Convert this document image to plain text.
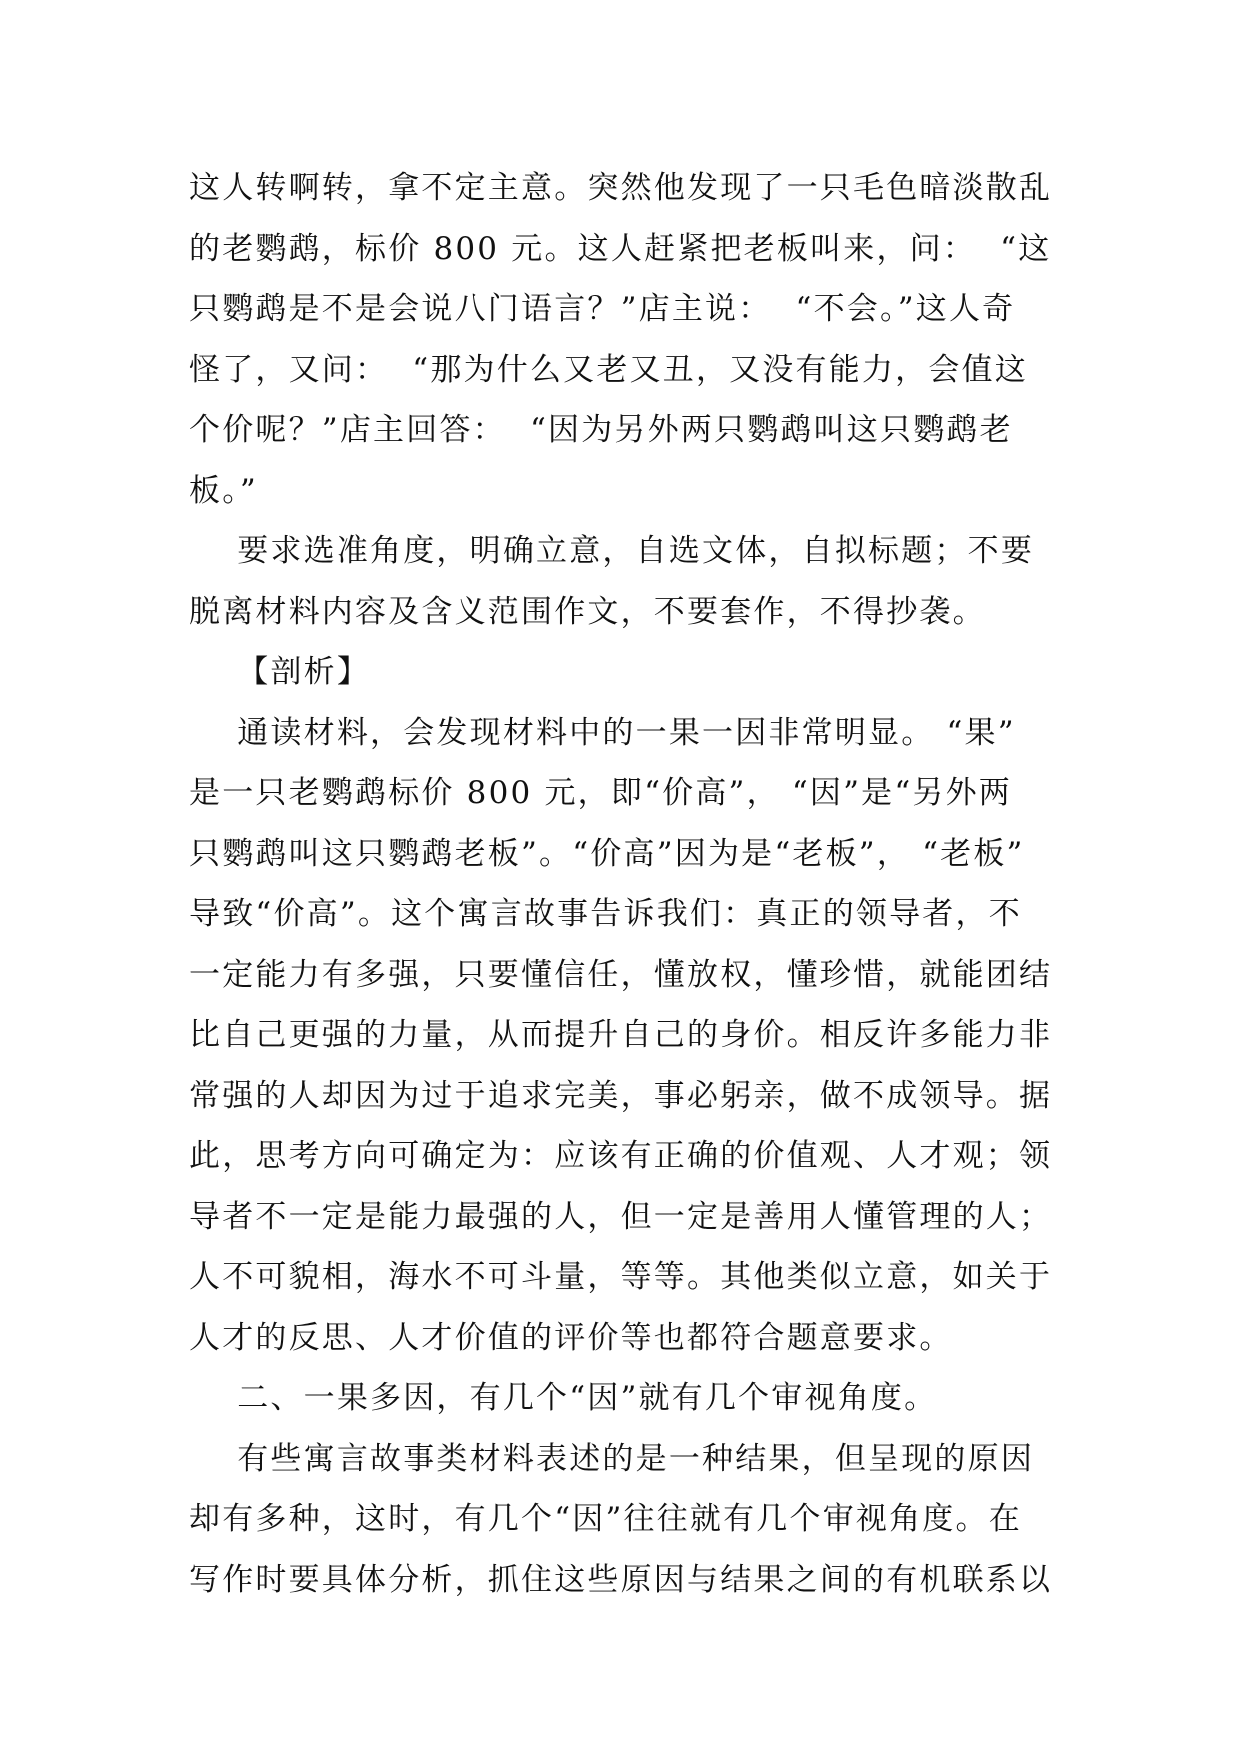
这人转啊转，拿不定主意。突然他发现了一只毛色暗淡散乱
的老鹦鹉，标价 800 元。这人赶紧把老板叫来，问：  “这
只鹦鹉是不是会说八门语言？”店主说：  “不会。”这人奇
怪了，又问：  “那为什么又老又丑，又没有能力，会值这
个价呢？”店主回答：  “因为另外两只鹦鹉叫这只鹦鹉老
板。”
要求选准角度，明确立意，自选文体，自拟标题；不要
脱离材料内容及含义范围作文，不要套作，不得抄袭。
【剖析】
通读材料，会发现材料中的一果一因非常明显。 “果”
是一只老鹦鹉标价 800 元，即“价高”， “因”是“另外两
只鹦鹉叫这只鹦鹉老板”。“价高”因为是“老板”， “老板”
导致“价高”。这个寓言故事告诉我们：真正的领导者，不
一定能力有多强，只要懂信任，懂放权，懂珍惜，就能团结
比自己更强的力量，从而提升自己的身价。相反许多能力非
常强的人却因为过于追求完美，事必躬亲，做不成领导。据
此，思考方向可确定为：应该有正确的价值观、人才观；领
导者不一定是能力最强的人，但一定是善用人懂管理的人；
人不可貌相，海水不可斗量，等等。其他类似立意，如关于
人才的反思、人才价值的评价等也都符合题意要求。
二、一果多因，有几个“因”就有几个审视角度。
有些寓言故事类材料表述的是一种结果，但呈现的原因
却有多种，这时，有几个“因”往往就有几个审视角度。在
写作时要具体分析，抓住这些原因与结果之间的有机联系以
